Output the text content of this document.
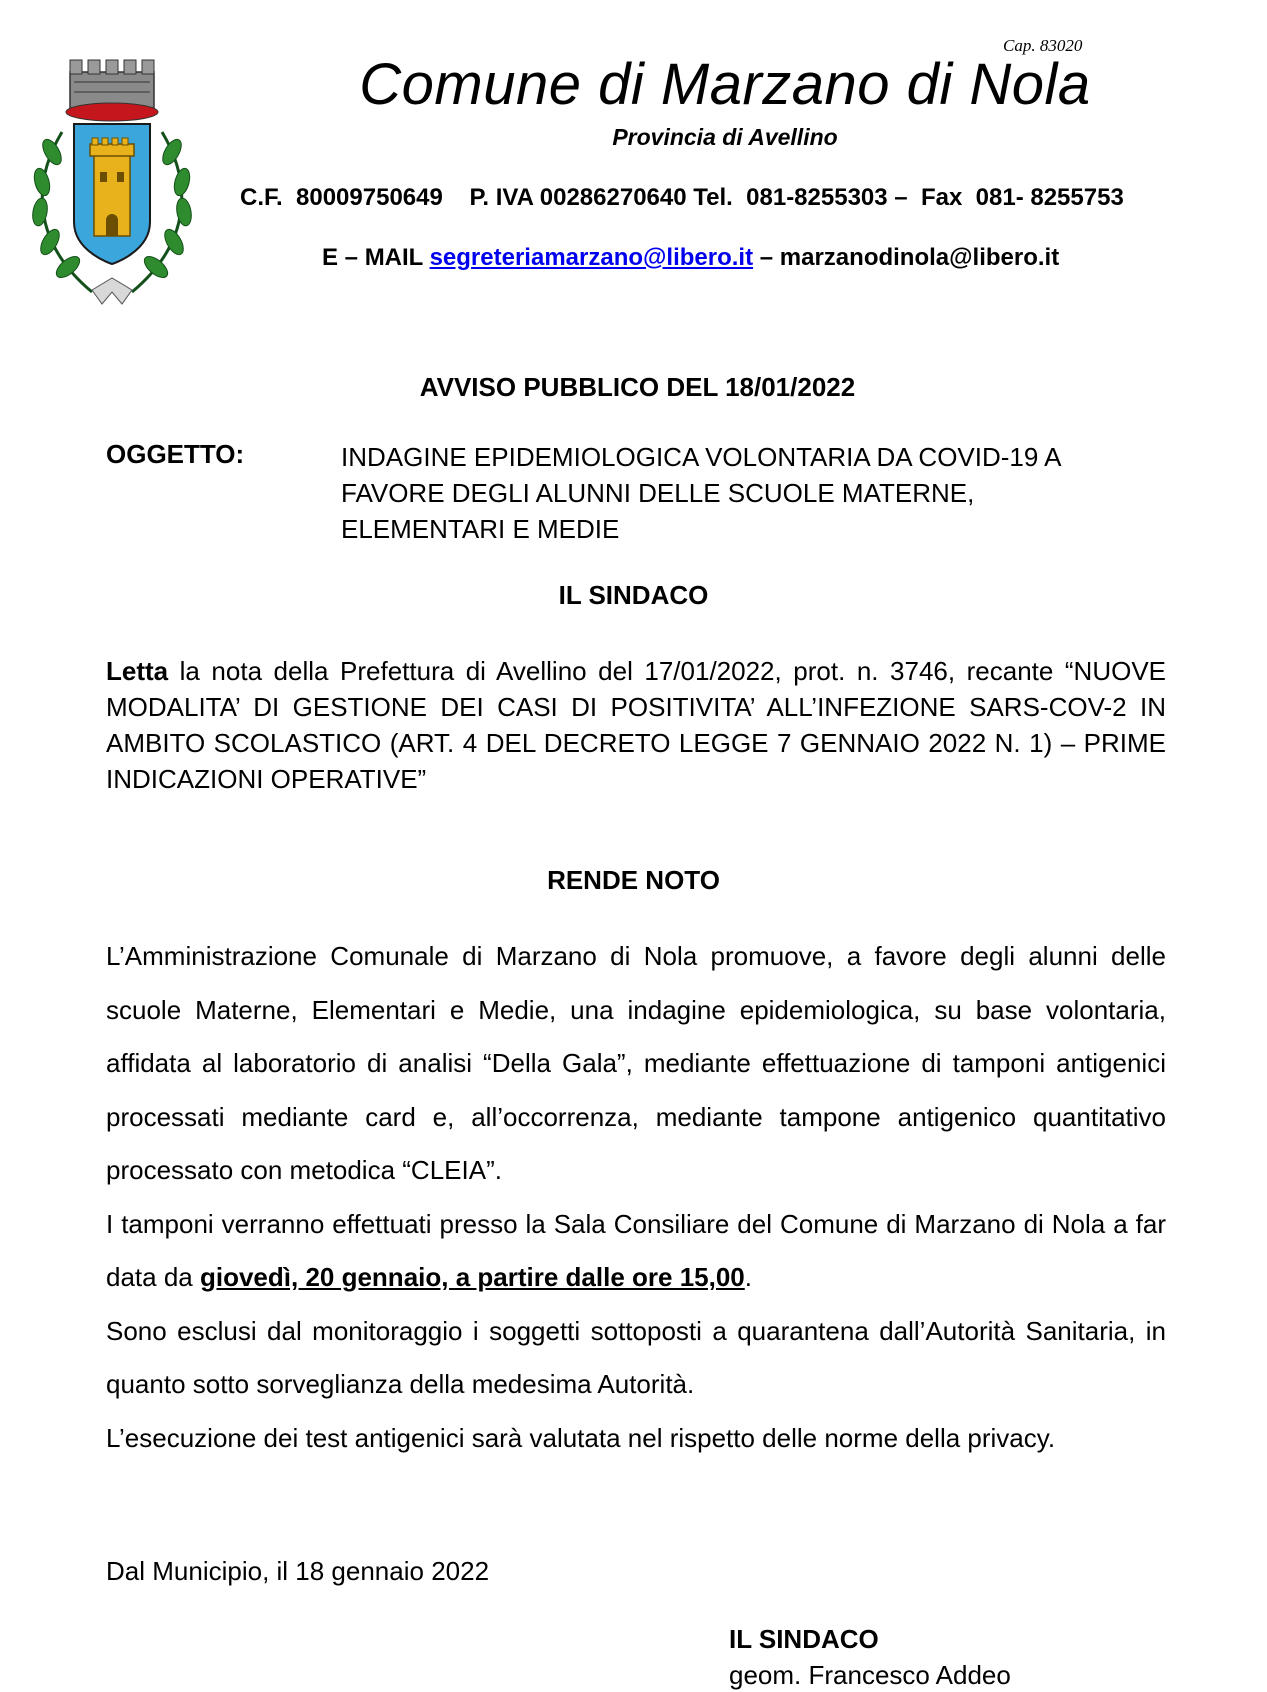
Cap. 83020
Comune di Marzano di Nola
Provincia di Avellino
C.F.  80009750649    P. IVA 00286270640 Tel.  081-8255303 –  Fax  081- 8255753
E – MAIL segreteriamarzano@libero.it – marzanodinola@libero.it
AVVISO PUBBLICO DEL 18/01/2022
OGGETTO:	INDAGINE EPIDEMIOLOGICA VOLONTARIA DA COVID-19 A FAVORE DEGLI ALUNNI DELLE SCUOLE MATERNE, ELEMENTARI E MEDIE
IL SINDACO
Letta la nota della Prefettura di Avellino del 17/01/2022, prot. n. 3746, recante “NUOVE MODALITA’ DI GESTIONE DEI CASI DI POSITIVITA’ ALL’INFEZIONE SARS-COV-2 IN AMBITO SCOLASTICO (ART. 4 DEL DECRETO LEGGE 7 GENNAIO 2022 N. 1) – PRIME INDICAZIONI OPERATIVE”
RENDE NOTO

L’Amministrazione Comunale di Marzano di Nola promuove, a favore degli alunni delle scuole Materne, Elementari e Medie, una indagine epidemiologica, su base volontaria, affidata al laboratorio di analisi “Della Gala”, mediante effettuazione di tamponi antigenici processati mediante card e, all’occorrenza, mediante tampone antigenico quantitativo processato con metodica “CLEIA”.

I tamponi verranno effettuati presso la Sala Consiliare del Comune di Marzano di Nola a far data da giovedì, 20 gennaio, a partire dalle ore 15,00.

Sono esclusi dal monitoraggio i soggetti sottoposti a quarantena dall’Autorità Sanitaria, in quanto sotto sorveglianza della medesima Autorità.

L’esecuzione dei test antigenici sarà valutata nel rispetto delle norme della privacy.

Dal Municipio, il 18 gennaio 2022
IL SINDACO
geom. Francesco Addeo
